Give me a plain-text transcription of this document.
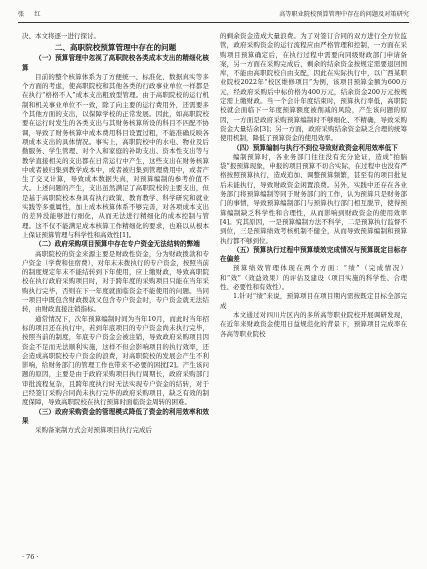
张　红	高等职业院校预算管理中存在的问题及对策研究

决、本文将逐一进行探讨。

二、高职院校预算管理中存在的问题
（一）预算管理中忽视了高职院校各类成本支出的精细化核算

目前的整个核算体系为了方便统一、标准化、数据真实等多个方面的考虑，使高职院校和其他各类的行政事业单位一样都是在执行“格格不入”成本支出粗放型管理。由于高职院校的运行机制和机关事业单位不一致，除了向主要的运行费用外，还需要多个其他方面的支出，以保障学校的正常发展。因此，如高职院校要在运行时发生的各类支出与其财务核算所设的科目不匹配不协调，导致了财务核算中成本费用科目设置过粗，不能准确反映各项成本支出的具体情况。事实上，高职院校中的水电、物业及后勤服务、学生管理、对个人和家庭的补助支出、资本性支出等与教学直接相关的支出都在日常运行中产生，这些支出在财务核算中或者被归集到教学成本中，或者被归集到管理费用中，或者产生了交叉计算，导致成本数据失真，对预算编制的参考价值不大。上述问题的产生，支出虽然满足了高职院校的主要支出，但是基于高职院校本身具有执行政策、教育教学、科学研究和就业实践等多重属性，加上成本核算体系不够完善，对各项成本支出的差异没能够进行细化，从而无法进行精细化的成本控制与管理。这不仅不能满足成本核算工作精细化的要求，也难以从根本上保证预算管理与科学性和高效性[1]。

（二）政府采购项目预算中存在专户资金无法结转的弊端

高职院校的资金来源主要是财政性资金，分为财政拨款和专户资金（学费和住宿费），对年末未拨执行的专户资金，按照当前的制度规定年末不能结转到下年使用，应上缴财政，导致高职院校在执行政府采购项目时，对于跨年度的采购项目只能在当年采购执行完毕，否则在下一年度就面临资金不能使用的问题。当同一项目中既包含财政拨款又包含专户资金时，专户资金就无法结转，由财政直接注销指标。

通常情况下，次年预算编制时间为当年10月，而此时当年招标的项目还在执行中，若到年底项目的专户资金尚未执行完毕，按照当前的制度，年底专户资金会被注销，导致政府采购项目因资金不足而无法顺利实施，这样不但会影响项目的执行效率，还会造成高职院校专户资金的浪费，对高职院校的发展会产生不利影响，给财务部门的管理工作也带来不必要的困扰[2]。产生该问题的原因，主要是由于政府采购项目执行周期长，政府采购部门审批流程复杂，且跨年度执行时无法实现专户资金的结转，对于已经签订采购合同尚未执行完毕的政府采购项目，缺乏有效的制度保障，导致高职院校在执行预算时面临资金周转的困难。

（三）政府采购资金的管理模式降低了资金的利用效率和效果

采购备案制方式会对预算项目执行完成后

的剩余资金造成大量浪费。为了对签订合同的双方进行全方位监管，政府采购资金的运行流程应由严格管理和控制，一方面在采购项目预算确定后，在执行过程中需要向同级财政部门申请备案，另一方面在采购完成后，剩余的结余资金按规定需要退回国库，不能由高职院校自由支配，因此在实际执行中，以广西某职业院校2022年“校区维修项目”为例，该项目预算金额为600万元，经政府采购后中标价格为400万元，结余资金200万元按规定需上缴财政。当一个会计年度结束时，预算执行率低，高职院校就会面临下一年度预算额度被削减的风险，产生该问题的原因，一方面是政府采购预算编制时不够细化、不精确，导致采购资金大量结余[3]；另一方面，政府采购结余资金缺乏合理的统筹使用机制，降低了预算资金的使用效率。

（四）预算编制与执行不到位导致财政资金利用效率低下

编制预算时，各业务部门往往没有充分论证，造成“拍脑袋”报预算现象，申报的项目预算不切合实际，在过程中也没有严格按照预算执行，造成追加、调整预算频繁，甚至有的项目批复后未能执行，导致财政资金闲置浪费。另外，实践中还存在各业务部门将预算编制等同于财务部门的工作，认为预算只是财务部门的事情，导致预算编制部门与预算执行部门相互脱节，使得预算编制缺乏科学性和合理性，从而影响到财政资金的使用效率[4]。究其原因，一是预算编制方法不科学，二是预算执行监督不到位，三是预算绩效考核机制不健全，从而导致预算编制和预算执行都不够到位。

（五）预算执行过程中预算绩效完成情况与预算既定目标存在偏差

预算绩效管理体现在两个方面：“绩”（完成情况）和“效”（效益效果）的评估及建设（项目实施的科学性、合理性、必要性和有效性）。

1.针对“绩”来说，预算项目在项目期内需按既定目标全部完成

本文通过对四川片区内的多所高等职业院校开展调研发现，在近年来财政资金使用日益规范化的背景下，预算项目完成率在各高等职业院校

· 76 ·
